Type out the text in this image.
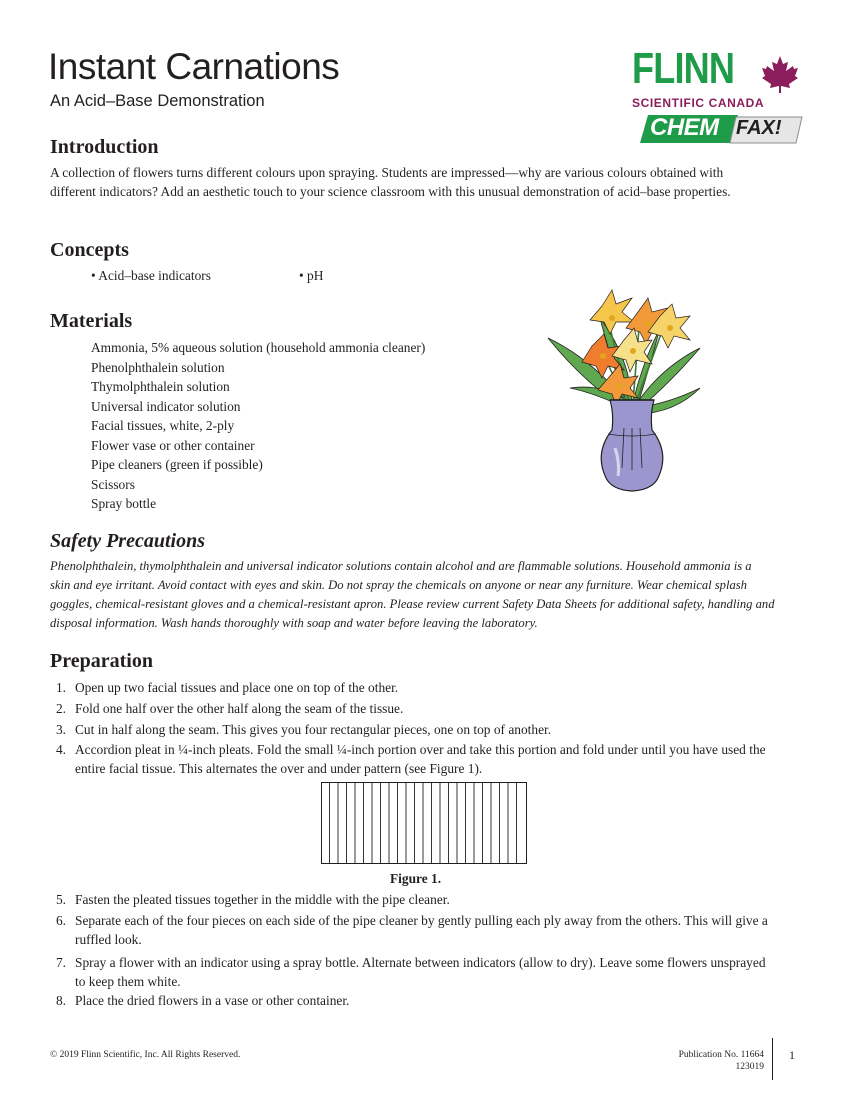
Instant Carnations
An Acid–Base Demonstration
FLINN
SCIENTIFIC CANADA
CHEM FAX!
Introduction

A collection of flowers turns different colours upon spraying. Students are impressed—why are various colours obtained with different indicators? Add an aesthetic touch to your science classroom with this unusual demonstration of acid–base properties.

Concepts
• Acid–base indicators	• pH
Materials
Ammonia, 5% aqueous solution (household ammonia cleaner)
Phenolphthalein solution
Thymolphthalein solution
Universal indicator solution
Facial tissues, white, 2-ply
Flower vase or other container
Pipe cleaners (green if possible)
Scissors
Spray bottle
Safety Precautions

Phenolphthalein, thymolphthalein and universal indicator solutions contain alcohol and are flammable solutions. Household ammonia is a skin and eye irritant. Avoid contact with eyes and skin. Do not spray the chemicals on anyone or near any furniture. Wear chemical splash goggles, chemical-resistant gloves and a chemical-resistant apron. Please review current Safety Data Sheets for additional safety, handling and disposal information. Wash hands thoroughly with soap and water before leaving the laboratory.

Preparation
1. Open up two facial tissues and place one on top of the other.
2. Fold one half over the other half along the seam of the tissue.
3. Cut in half along the seam. This gives you four rectangular pieces, one on top of another.
4. Accordion pleat in ¼-inch pleats. Fold the small ¼-inch portion over and take this portion and fold under until you have used the entire facial tissue. This alternates the over and under pattern (see Figure 1).
Figure 1.
5. Fasten the pleated tissues together in the middle with the pipe cleaner.
6. Separate each of the four pieces on each side of the pipe cleaner by gently pulling each ply away from the others. This will give a ruffled look.
7. Spray a flower with an indicator using a spray bottle. Alternate between indicators (allow to dry). Leave some flowers unsprayed to keep them white.
8. Place the dried flowers in a vase or other container.
© 2019 Flinn Scientific, Inc. All Rights Reserved.	Publication No. 11664
123019
1
